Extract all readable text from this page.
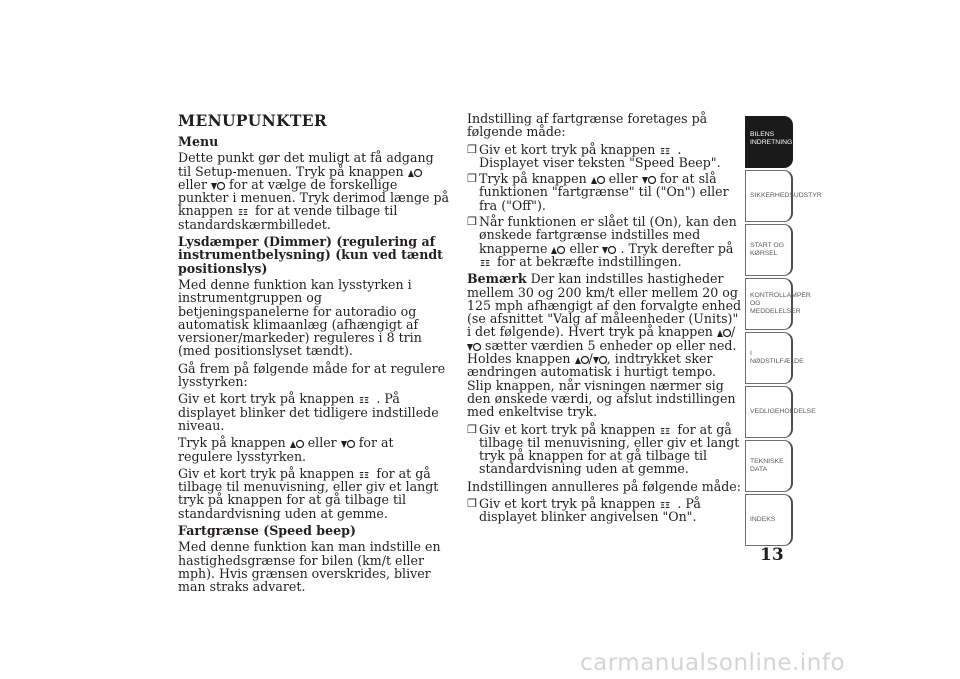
MENUPUNKTER
Menu

Dette punkt gør det muligt at få adgang til Setup-menuen. Tryk på knappen
eller for at vælge de forskellige punkter i menuen. Tryk derimod længe på knappen ΞΞ for at vende tilbage til standardskærmbilledet.

Lysdæmper (Dimmer) (regulering af instrumentbelysning) (kun ved tændt positionslys)

Med denne funktion kan lysstyrken i instrumentgruppen og betjeningspanelerne for autoradio og automatisk klimaanlæg (afhængigt af versioner/markeder) reguleres i 8 trin (med positionslyset tændt).

Gå frem på følgende måde for at regulere lysstyrken:

Giv et kort tryk på knappen ΞΞ . På displayet blinker det tidligere indstillede niveau.

Tryk på knappen eller for at regulere lysstyrken.

Giv et kort tryk på knappen ΞΞ for at gå tilbage til menuvisning, eller giv et langt tryk på knappen for at gå tilbage til standardvisning uden at gemme.

Fartgrænse (Speed beep)

Med denne funktion kan man indstille en hastighedsgrænse for bilen (km/t eller mph). Hvis grænsen overskrides, bliver man straks advaret.

Indstilling af fartgrænse foretages på følgende måde:

❒ Giv et kort tryk på knappen ΞΞ . Displayet viser teksten "Speed Beep".
❒ Tryk på knappen eller for at slå funktionen "fartgrænse" til ("On") eller fra ("Off").
❒ Når funktionen er slået til (On), kan den ønskede fartgrænse indstilles med knapperne eller . Tryk derefter på
ΞΞ for at bekræfte indstillingen.

Bemærk Der kan indstilles hastigheder mellem 30 og 200 km/t eller mellem 20 og 125 mph afhængigt af den forvalgte enhed (se afsnittet "Valg af måleenheder (Units)" i det følgende). Hvert tryk på knappen /
sætter værdien 5 enheder op eller ned. Holdes knappen / , indtrykket sker ændringen automatisk i hurtigt tempo. Slip knappen, når visningen nærmer sig den ønskede værdi, og afslut indstillingen med enkeltvise tryk.

❒ Giv et kort tryk på knappen ΞΞ for at gå tilbage til menuvisning, eller giv et langt tryk på knappen for at gå tilbage til standardvisning uden at gemme.

Indstillingen annulleres på følgende måde:

❒ Giv et kort tryk på knappen ΞΞ . På displayet blinker angivelsen "On".
BILENS INDRETNING
SIKKERHEDSUDSTYR
START OG KØRSEL
KONTROLLAMPER OG MEDDELELSER
I NØDSTILFÆLDE
VEDLIGEHOLDELSE
TEKNISKE DATA
INDEKS
13
carmanualsonline.info
